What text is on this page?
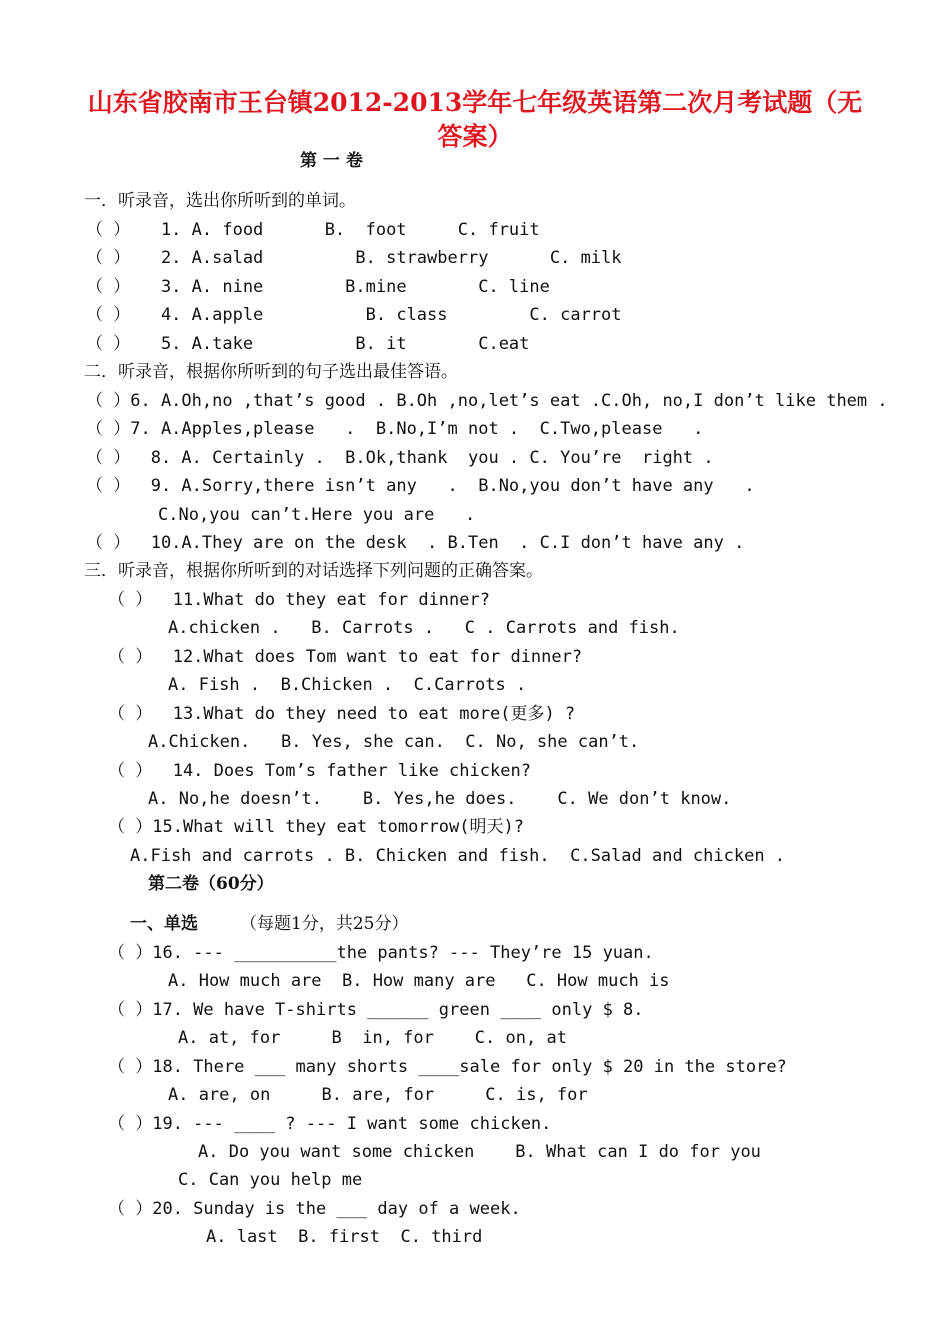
山东省胶南市王台镇2012-2013学年七年级英语第二次月考试题（无答案）
第 一 卷
一．听录音，选出你所听到的单词。
（ ）   1. A. food      B.  foot     C. fruit
（ ）   2. A.salad         B. strawberry      C. milk
（ ）   3. A. nine        B.mine       C. line
（ ）   4. A.apple          B. class        C. carrot
（ ）   5. A.take          B. it       C.eat
二．听录音，根据你所听到的句子选出最佳答语。
（ ）6. A.Oh,no ,that’s good . B.Oh ,no,let’s eat .C.Oh, no,I don’t like them .
（ ）7. A.Apples,please   .  B.No,I’m not .  C.Two,please   .
（ ）  8. A. Certainly .  B.Ok,thank  you . C. You’re  right .
（ ）  9. A.Sorry,there isn’t any   .  B.No,you don’t have any   .
C.No,you can’t.Here you are   .
（ ）  10.A.They are on the desk  . B.Ten  . C.I don’t have any .
三．听录音，根据你所听到的对话选择下列问题的正确答案。
（ ）  11.What do they eat for dinner?
A.chicken .   B. Carrots .   C . Carrots and fish.
（ ）  12.What does Tom want to eat for dinner?
A. Fish .  B.Chicken .  C.Carrots .
（ ）  13.What do they need to eat more(更多) ?
A.Chicken.   B. Yes, she can.  C. No, she can’t.
（ ）  14. Does Tom’s father like chicken?
A. No,he doesn’t.    B. Yes,he does.    C. We don’t know.
（ ）15.What will they eat tomorrow(明天)?
A.Fish and carrots . B. Chicken and fish.  C.Salad and chicken .
第二卷（60分）
一、单选 （每题1分，共25分）
（ ）16. --- __________the pants? --- They’re 15 yuan.
A. How much are  B. How many are   C. How much is
（ ）17. We have T-shirts ______ green ____ only $ 8.
A. at, for     B  in, for    C. on, at
（ ）18. There ___ many shorts ____sale for only $ 20 in the store?
A. are, on     B. are, for     C. is, for
（ ）19. --- ____ ? --- I want some chicken.
A. Do you want some chicken    B. What can I do for you
C. Can you help me
（ ）20. Sunday is the ___ day of a week.
A. last  B. first  C. third
